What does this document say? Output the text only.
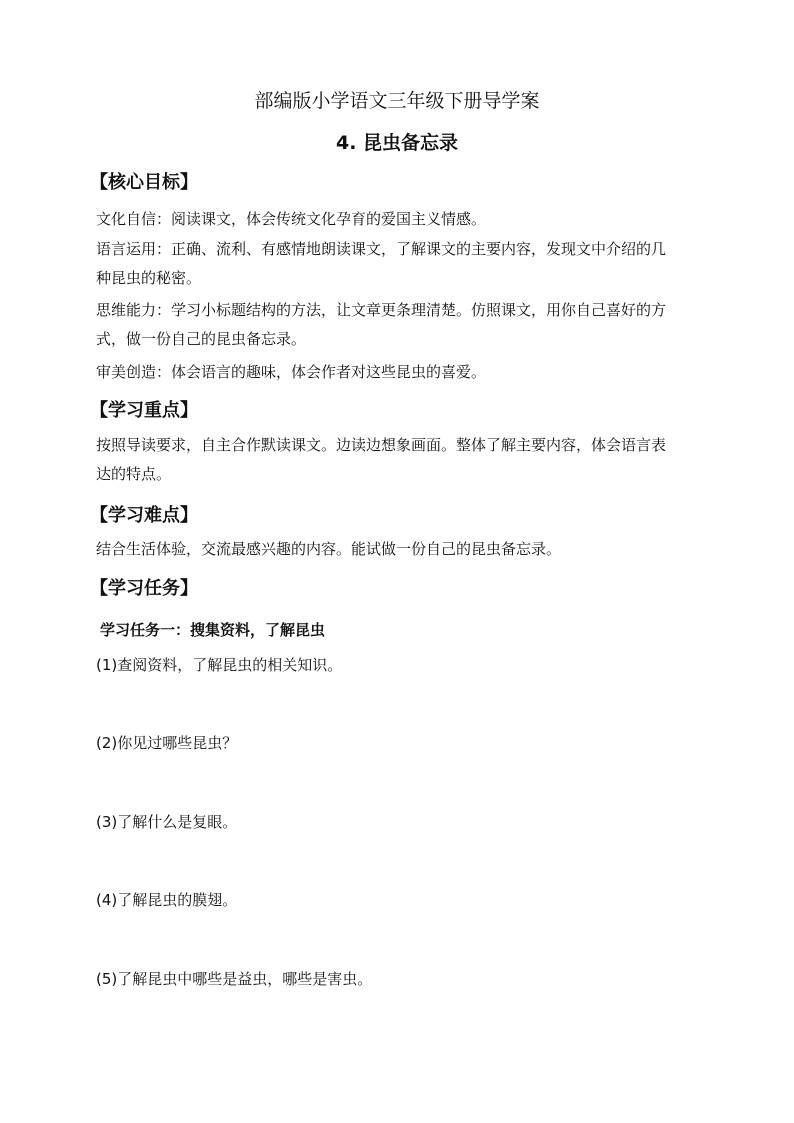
部编版小学语文三年级下册导学案
4. 昆虫备忘录
【核心目标】
文化自信：阅读课文，体会传统文化孕育的爱国主义情感。
语言运用：正确、流利、有感情地朗读课文，了解课文的主要内容，发现文中介绍的几
种昆虫的秘密。
思维能力：学习小标题结构的方法，让文章更条理清楚。仿照课文，用你自己喜好的方
式，做一份自己的昆虫备忘录。
审美创造：体会语言的趣味，体会作者对这些昆虫的喜爱。
【学习重点】
按照导读要求，自主合作默读课文。边读边想象画面。整体了解主要内容，体会语言表
达的特点。
【学习难点】
结合生活体验，交流最感兴趣的内容。能试做一份自己的昆虫备忘录。
【学习任务】
学习任务一：搜集资料，了解昆虫
(1)查阅资料，了解昆虫的相关知识。
(2)你见过哪些昆虫？
(3)了解什么是复眼。
(4)了解昆虫的膜翅。
(5)了解昆虫中哪些是益虫，哪些是害虫。
